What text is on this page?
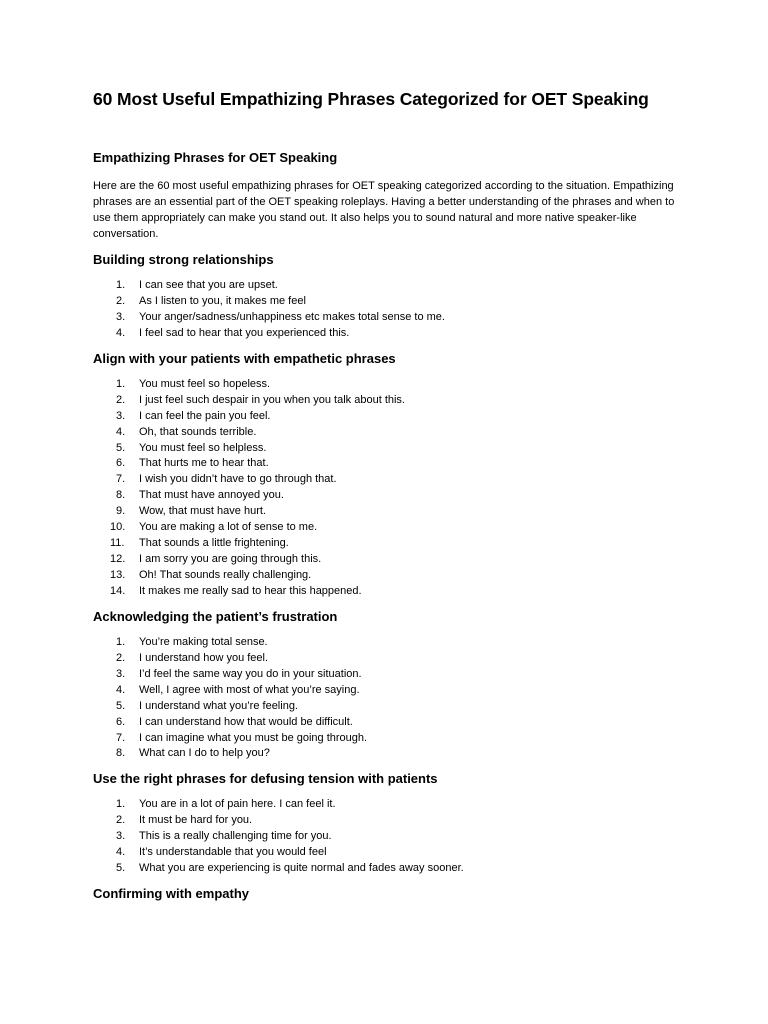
60 Most Useful Empathizing Phrases Categorized for OET Speaking
Empathizing Phrases for OET Speaking

Here are the 60 most useful empathizing phrases for OET speaking categorized according to the situation. Empathizing phrases are an essential part of the OET speaking roleplays. Having a better understanding of the phrases and when to use them appropriately can make you stand out. It also helps you to sound natural and more native speaker-like conversation.

Building strong relationships
1.	I can see that you are upset.
2.	As I listen to you, it makes me feel
3.	Your anger/sadness/unhappiness etc makes total sense to me.
4.	I feel sad to hear that you experienced this.
Align with your patients with empathetic phrases
1.	You must feel so hopeless.
2.	I just feel such despair in you when you talk about this.
3.	I can feel the pain you feel.
4.	Oh, that sounds terrible.
5.	You must feel so helpless.
6.	That hurts me to hear that.
7.	I wish you didn’t have to go through that.
8.	That must have annoyed you.
9.	Wow, that must have hurt.
10.	You are making a lot of sense to me.
11.	That sounds a little frightening.
12.	I am sorry you are going through this.
13.	Oh! That sounds really challenging.
14.	It makes me really sad to hear this happened.
Acknowledging the patient’s frustration
1.	You’re making total sense.
2.	I understand how you feel.
3.	I’d feel the same way you do in your situation.
4.	Well, I agree with most of what you’re saying.
5.	I understand what you’re feeling.
6.	I can understand how that would be difficult.
7.	I can imagine what you must be going through.
8.	What can I do to help you?
Use the right phrases for defusing tension with patients
1.	You are in a lot of pain here. I can feel it.
2.	It must be hard for you.
3.	This is a really challenging time for you.
4.	It’s understandable that you would feel
5.	What you are experiencing is quite normal and fades away sooner.
Confirming with empathy
